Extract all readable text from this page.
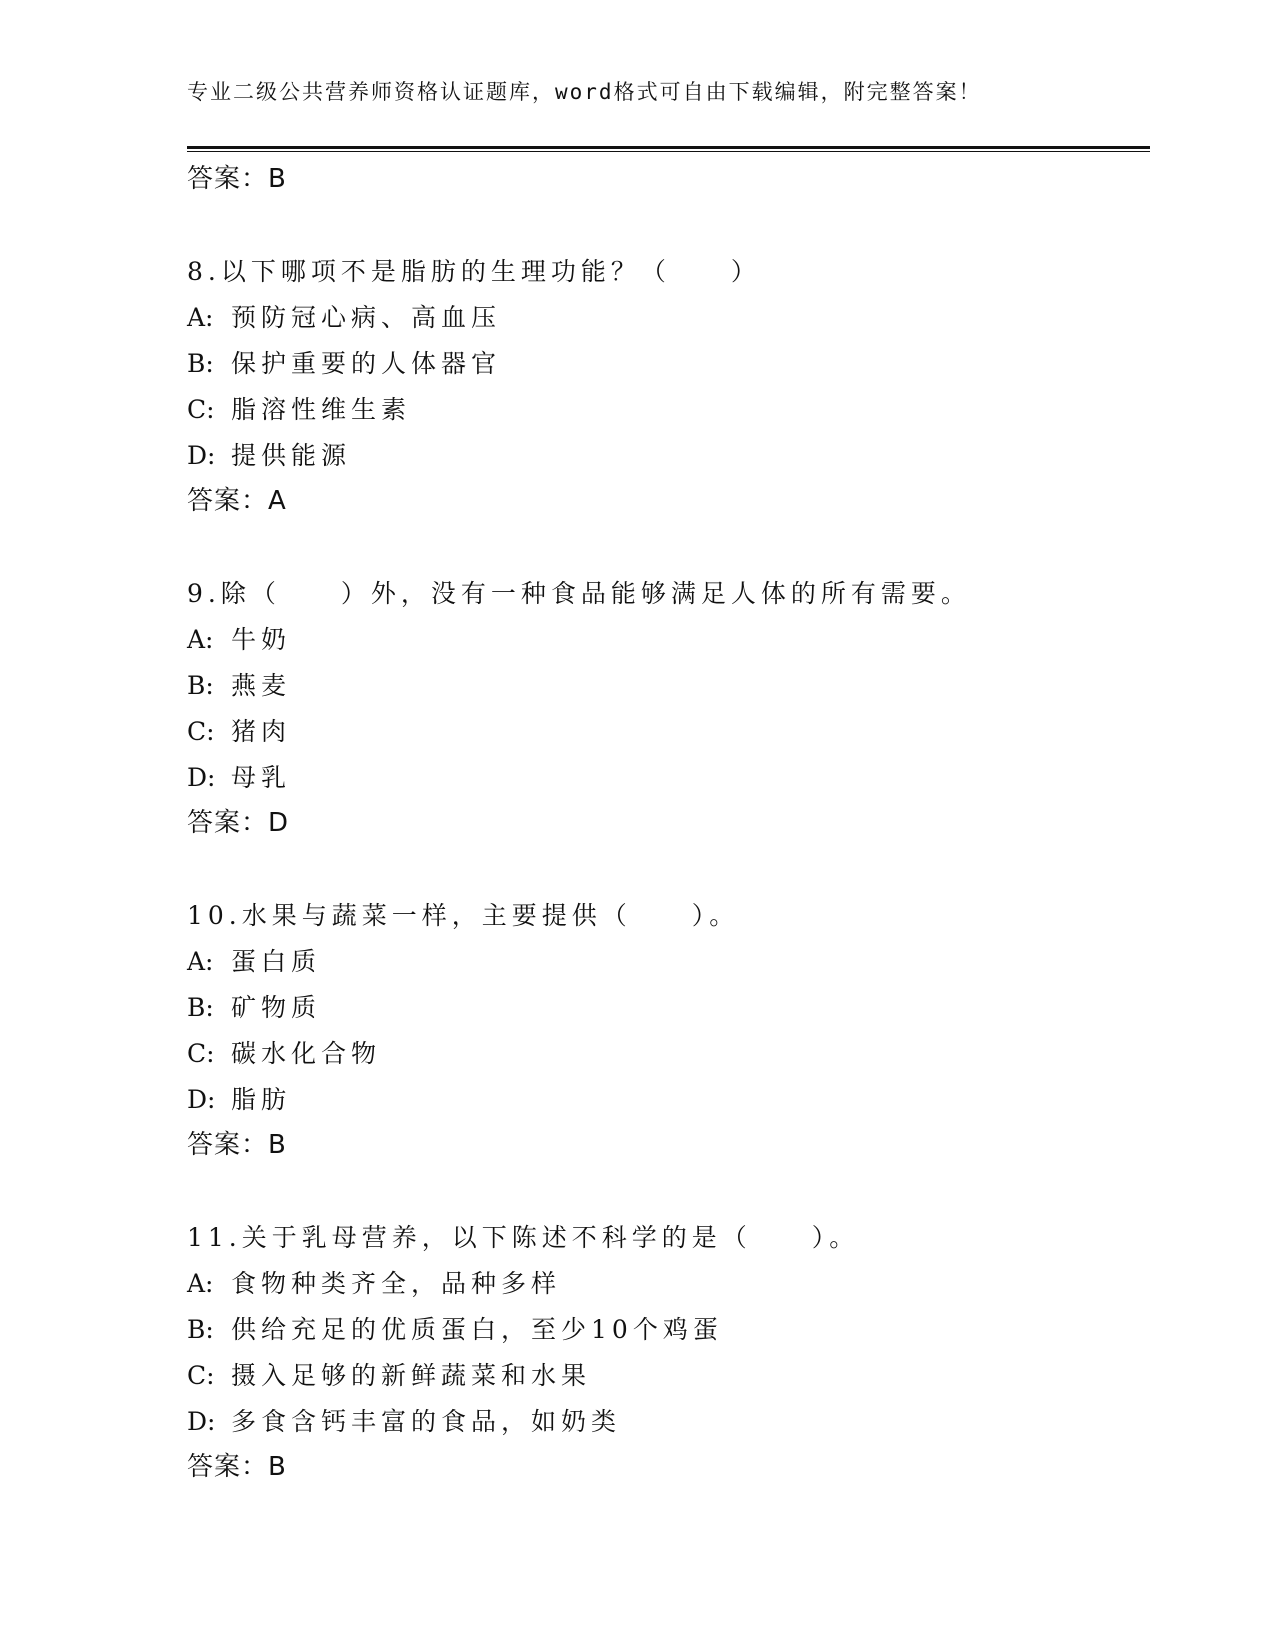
专业二级公共营养师资格认证题库，word格式可自由下载编辑，附完整答案！
答案：B
8.以下哪项不是脂肪的生理功能？（　　）
A: 预防冠心病、高血压
B: 保护重要的人体器官
C: 脂溶性维生素
D: 提供能源
答案：A
9.除（　　）外，没有一种食品能够满足人体的所有需要。
A: 牛奶
B: 燕麦
C: 猪肉
D: 母乳
答案：D
10.水果与蔬菜一样，主要提供（　　）。
A: 蛋白质
B: 矿物质
C: 碳水化合物
D: 脂肪
答案：B
11.关于乳母营养，以下陈述不科学的是（　　）。
A: 食物种类齐全，品种多样
B: 供给充足的优质蛋白，至少10个鸡蛋
C: 摄入足够的新鲜蔬菜和水果
D: 多食含钙丰富的食品，如奶类
答案：B
